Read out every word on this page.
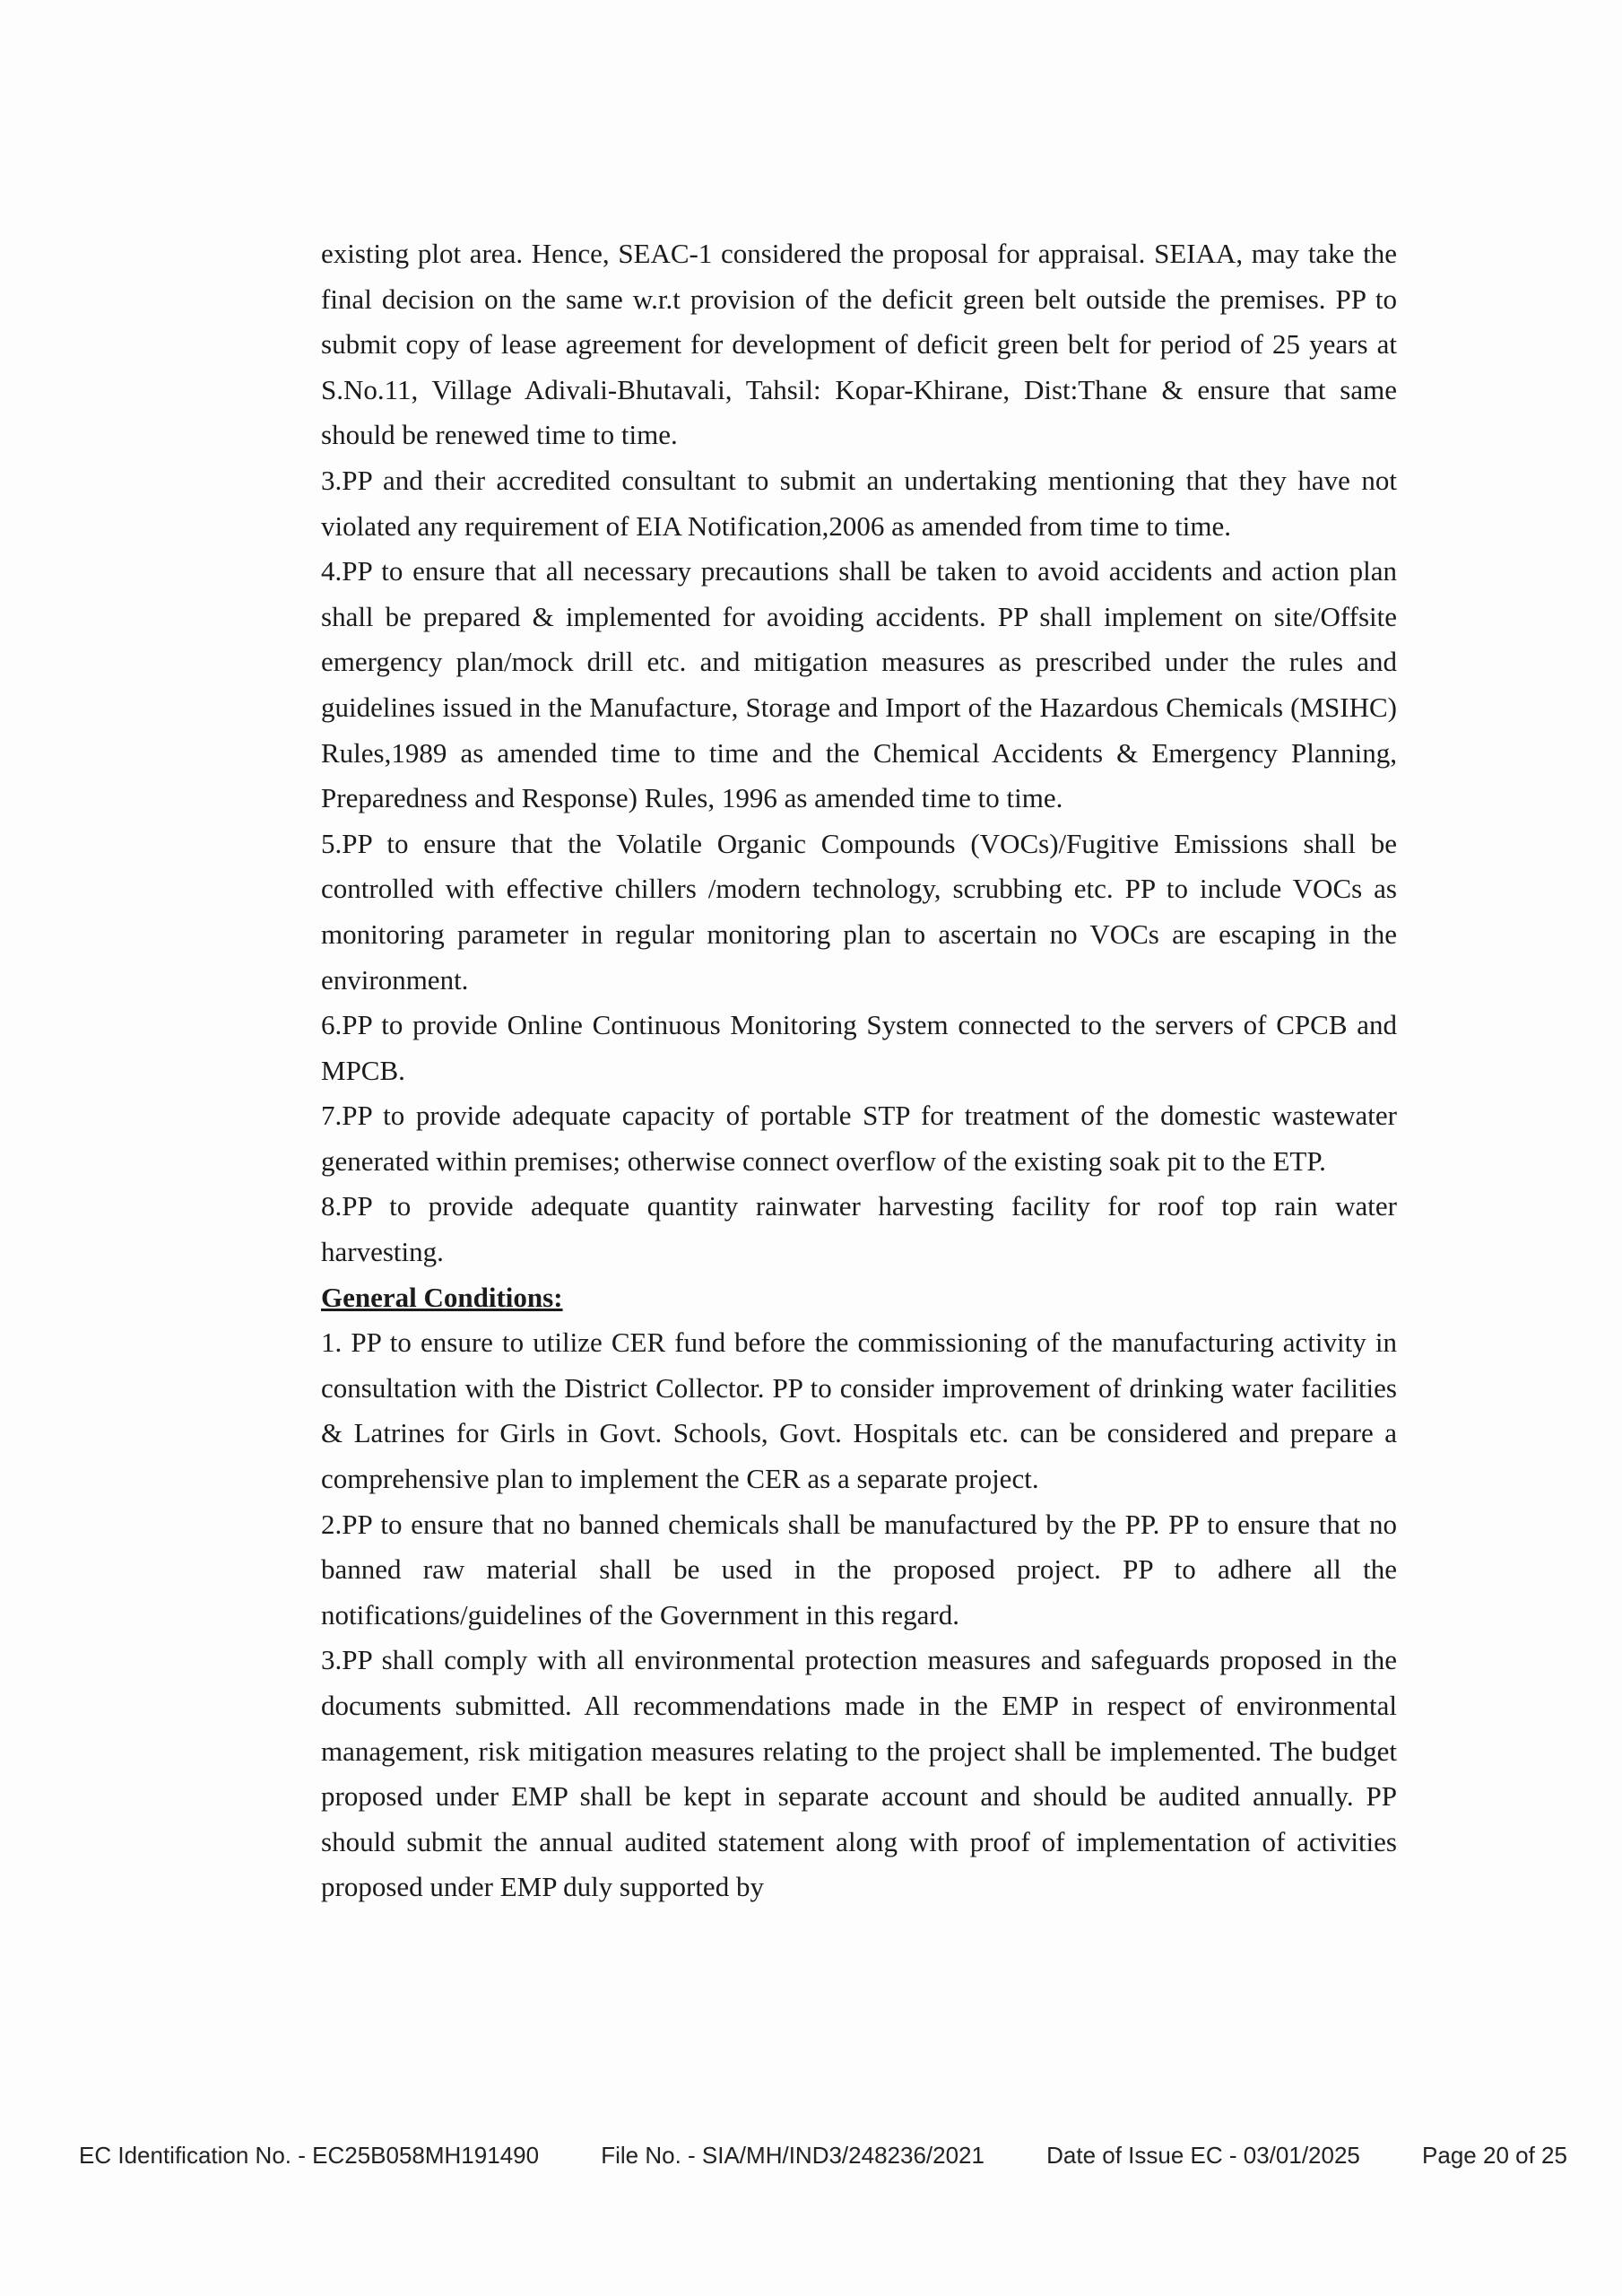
existing plot area. Hence, SEAC-1 considered the proposal for appraisal. SEIAA, may take the final decision on the same w.r.t provision of the deficit green belt outside the premises. PP to submit copy of lease agreement for development of deficit green belt for period of 25 years at S.No.11, Village Adivali-Bhutavali, Tahsil: Kopar-Khirane, Dist:Thane & ensure that same should be renewed time to time.

3.PP and their accredited consultant to submit an undertaking mentioning that they have not violated any requirement of EIA Notification,2006 as amended from time to time.

4.PP to ensure that all necessary precautions shall be taken to avoid accidents and action plan shall be prepared & implemented for avoiding accidents. PP shall implement on site/Offsite emergency plan/mock drill etc. and mitigation measures as prescribed under the rules and guidelines issued in the Manufacture, Storage and Import of the Hazardous Chemicals (MSIHC) Rules,1989 as amended time to time and the Chemical Accidents & Emergency Planning, Preparedness and Response) Rules, 1996 as amended time to time.

5.PP to ensure that the Volatile Organic Compounds (VOCs)/Fugitive Emissions shall be controlled with effective chillers /modern technology, scrubbing etc. PP to include VOCs as monitoring parameter in regular monitoring plan to ascertain no VOCs are escaping in the environment.

6.PP to provide Online Continuous Monitoring System connected to the servers of CPCB and MPCB.

7.PP to provide adequate capacity of portable STP for treatment of the domestic wastewater generated within premises; otherwise connect overflow of the existing soak pit to the ETP.

8.PP to provide adequate quantity rainwater harvesting facility for roof top rain water harvesting.

General Conditions:

1. PP to ensure to utilize CER fund before the commissioning of the manufacturing activity in consultation with the District Collector. PP to consider improvement of drinking water facilities & Latrines for Girls in Govt. Schools, Govt. Hospitals etc. can be considered and prepare a comprehensive plan to implement the CER as a separate project.

2.PP to ensure that no banned chemicals shall be manufactured by the PP. PP to ensure that no banned raw material shall be used in the proposed project. PP to adhere all the notifications/guidelines of the Government in this regard.

3.PP shall comply with all environmental protection measures and safeguards proposed in the documents submitted. All recommendations made in the EMP in respect of environmental management, risk mitigation measures relating to the project shall be implemented. The budget proposed under EMP shall be kept in separate account and should be audited annually. PP should submit the annual audited statement along with proof of implementation of activities proposed under EMP duly supported by

EC Identification No. - EC25B058MH191490	File No. - SIA/MH/IND3/248236/2021	Date of Issue EC - 03/01/2025	Page 20 of 25
